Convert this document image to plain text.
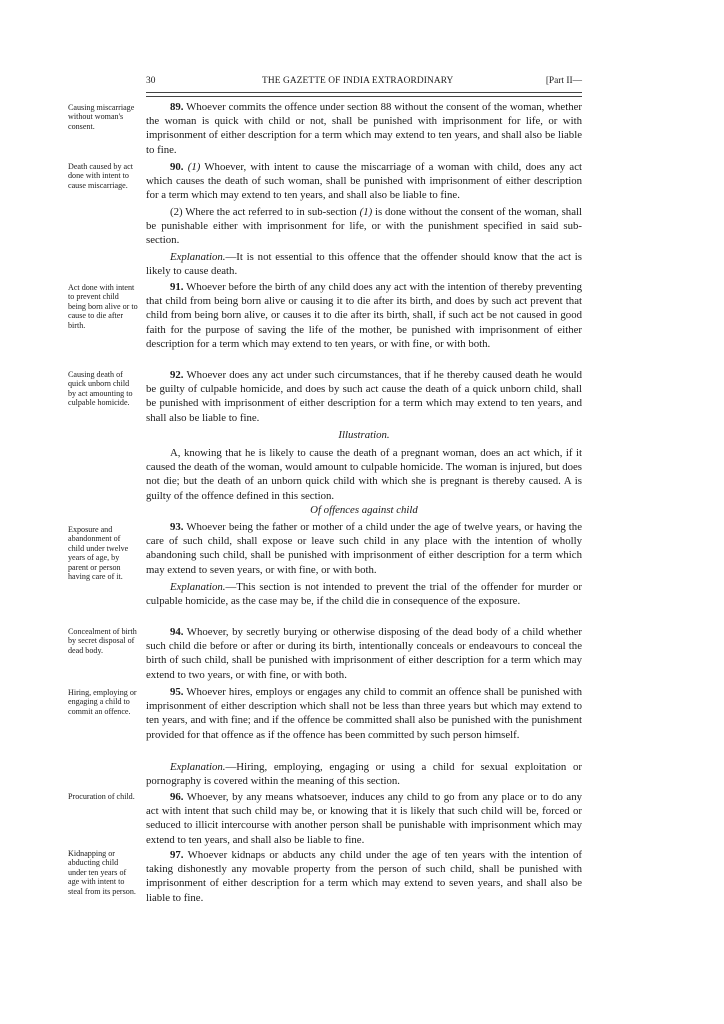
30	THE GAZETTE OF INDIA EXTRAORDINARY	[Part II—
Causing miscarriage without woman's consent.
Death caused by act done with intent to cause miscarriage.
Act done with intent to prevent child being born alive or to cause to die after birth.
Causing death of quick unborn child by act amounting to culpable homicide.
Exposure and abandonment of child under twelve years of age, by parent or person having care of it.
Concealment of birth by secret disposal of dead body.
Hiring, employing or engaging a child to commit an offence.
Procuration of child.
Kidnapping or abducting child under ten years of age with intent to steal from its person.

89. Whoever commits the offence under section 88 without the consent of the woman, whether the woman is quick with child or not, shall be punished with imprisonment for life, or with imprisonment of either description for a term which may extend to ten years, and shall also be liable to fine.

90. (1) Whoever, with intent to cause the miscarriage of a woman with child, does any act which causes the death of such woman, shall be punished with imprisonment of either description for a term which may extend to ten years, and shall also be liable to fine.

(2) Where the act referred to in sub-section (1) is done without the consent of the woman, shall be punishable either with imprisonment for life, or with the punishment specified in said sub-section.

Explanation.—It is not essential to this offence that the offender should know that the act is likely to cause death.

91. Whoever before the birth of any child does any act with the intention of thereby preventing that child from being born alive or causing it to die after its birth, and does by such act prevent that child from being born alive, or causes it to die after its birth, shall, if such act be not caused in good faith for the purpose of saving the life of the mother, be punished with imprisonment of either description for a term which may extend to ten years, or with fine, or with both.

92. Whoever does any act under such circumstances, that if he thereby caused death he would be guilty of culpable homicide, and does by such act cause the death of a quick unborn child, shall be punished with imprisonment of either description for a term which may extend to ten years, and shall also be liable to fine.

Illustration.

A, knowing that he is likely to cause the death of a pregnant woman, does an act which, if it caused the death of the woman, would amount to culpable homicide. The woman is injured, but does not die; but the death of an unborn quick child with which she is pregnant is thereby caused. A is guilty of the offence defined in this section.

Of offences against child

93. Whoever being the father or mother of a child under the age of twelve years, or having the care of such child, shall expose or leave such child in any place with the intention of wholly abandoning such child, shall be punished with imprisonment of either description for a term which may extend to seven years, or with fine, or with both.

Explanation.—This section is not intended to prevent the trial of the offender for murder or culpable homicide, as the case may be, if the child die in consequence of the exposure.

94. Whoever, by secretly burying or otherwise disposing of the dead body of a child whether such child die before or after or during its birth, intentionally conceals or endeavours to conceal the birth of such child, shall be punished with imprisonment of either description for a term which may extend to two years, or with fine, or with both.

95. Whoever hires, employs or engages any child to commit an offence shall be punished with imprisonment of either description which shall not be less than three years but which may extend to ten years, and with fine; and if the offence be committed shall also be punished with the punishment provided for that offence as if the offence has been committed by such person himself.

Explanation.—Hiring, employing, engaging or using a child for sexual exploitation or pornography is covered within the meaning of this section.

96. Whoever, by any means whatsoever, induces any child to go from any place or to do any act with intent that such child may be, or knowing that it is likely that such child will be, forced or seduced to illicit intercourse with another person shall be punishable with imprisonment which may extend to ten years, and shall also be liable to fine.

97. Whoever kidnaps or abducts any child under the age of ten years with the intention of taking dishonestly any movable property from the person of such child, shall be punished with imprisonment of either description for a term which may extend to seven years, and shall also be liable to fine.
